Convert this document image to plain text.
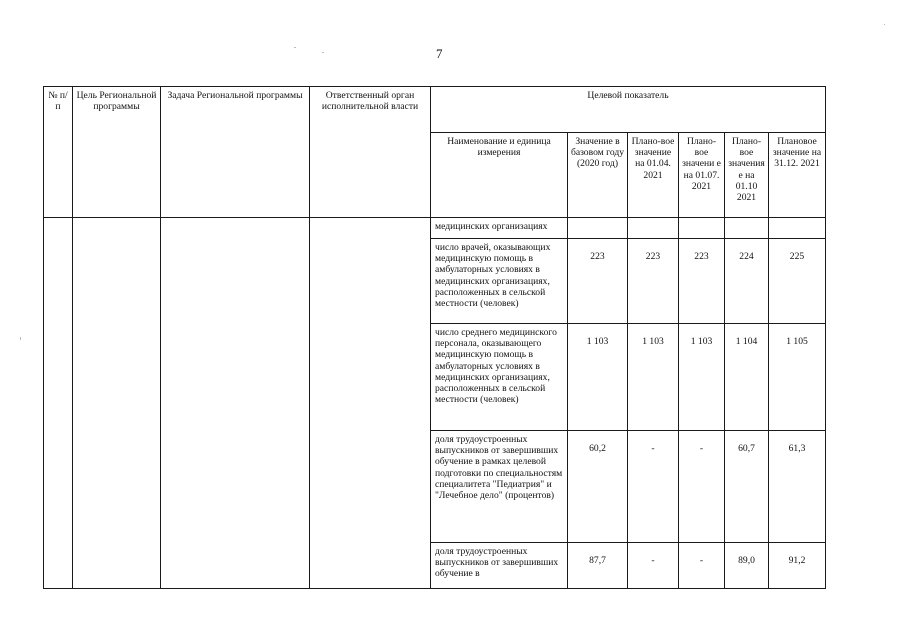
7
№ п/п	Цель Региональной программы	Задача Региональной программы	Ответственный орган исполнительной власти	Целевой показатель					
				Наименование и единица измерения	Значение в базовом году (2020 год)	Плано-вое значение на 01.04. 2021	Плано-вое значени е на 01.07. 2021	Плано-вое значения е на 01.10 2021	Плановое значение на 31.12. 2021
				медицинских организациях					
				число врачей, оказывающих медицинскую помощь в амбулаторных условиях в медицинских организациях, расположенных в сельской местности (человек)	223	223	223	224	225
				число среднего медицинского персонала, оказывающего медицинскую помощь в амбулаторных условиях в медицинских организациях, расположенных в сельской местности (человек)	1 103	1 103	1 103	1 104	1 105
				доля трудоустроенных выпускников от завершивших обучение в рамках целевой подготовки по специальностям специалитета "Педиатрия" и "Лечебное дело" (процентов)	60,2	-	-	60,7	61,3
				доля трудоустроенных выпускников от завершивших обучение в	87,7	-	-	89,0	91,2
